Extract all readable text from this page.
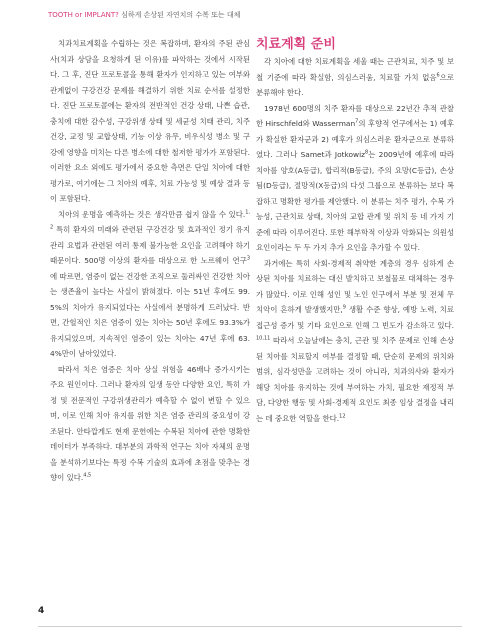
TOOTH or IMPLANT? 심하게 손상된 자연치의 수복 또는 대체

치과치료계획을 수립하는 것은 복잡하며, 환자의 주된 관심사(치과 상담을 요청하게 된 이유)를 파악하는 것에서 시작된다. 그 후, 진단 프로토콜을 통해 환자가 인지하고 있는 여부와 관계없이 구강건강 문제를 해결하기 위한 치료 순서를 설정한다. 진단 프로토콜에는 환자의 전반적인 건강 상태, 나쁜 습관, 충치에 대한 감수성, 구강위생 상태 및 세균성 치태 관리, 치주 건강, 교정 및 교합상태, 기능 이상 유무, 비우식성 병소 및 구강에 영향을 미치는 다른 병소에 대한 철저한 평가가 포함된다. 이러한 요소 외에도 평가에서 중요한 측면은 단일 치아에 대한 평가로, 여기에는 그 치아의 예후, 치료 가능성 및 예상 결과 등이 포함된다.

치아의 운명을 예측하는 것은 생각만큼 쉽지 않을 수 있다.$^{1,2}$ 특히 환자의 미래와 관련된 구강건강 및 효과적인 정기 유지관리 요법과 관련된 여러 통제 불가능한 요인을 고려해야 하기 때문이다. 500명 이상의 환자를 대상으로 한 노르웨이 연구$^3$에 따르면, 염증이 없는 건강한 조직으로 둘러싸인 건강한 치아는 생존율이 높다는 사실이 밝혀졌다. 이는 51년 후에도 99.5%의 치아가 유지되었다는 사실에서 분명하게 드러났다. 반면, 간헐적인 치은 염증이 있는 치아는 50년 후에도 93.3%가 유지되었으며, 지속적인 염증이 있는 치아는 47년 후에 63.4%만이 남아있었다.

따라서 치은 염증은 치아 상실 위험을 46배나 증가시키는 주요 원인이다. 그러나 환자의 일생 동안 다양한 요인, 특히 가정 및 전문적인 구강위생관리가 예측할 수 없이 변할 수 있으며, 이로 인해 치아 유지를 위한 치은 염증 관리의 중요성이 강조된다. 안타깝게도 현재 문헌에는 수복된 치아에 관한 명확한 데이터가 부족하다. 대부분의 과학적 연구는 치아 자체의 운명을 분석하기보다는 특정 수복 기술의 효과에 초점을 맞추는 경향이 있다.$^{4,5}$

치료계획 준비

각 치아에 대한 치료계획을 세울 때는 근관치료, 치주 및 보철 기준에 따라 확실함, 의심스러움, 치료할 가치 없음$^6$으로 분류해야 한다.

1978년 600명의 치주 환자를 대상으로 22년간 추적 관찰한 Hirschfeld와 Wasserman$^7$의 후향적 연구에서는 1) 예후가 확실한 환자군과 2) 예후가 의심스러운 환자군으로 분류하였다. 그러나 Samet과 Jotkowiz$^8$는 2009년에 예후에 따라 치아를 양호(A등급), 합리적(B등급), 주의 요망(C등급), 손상됨(D등급), 절망적(X등급)의 다섯 그룹으로 분류하는 보다 복잡하고 명확한 평가를 제안했다. 이 분류는 치주 평가, 수복 가능성, 근관치료 상태, 치아의 교합 관계 및 위치 등 네 가지 기준에 따라 이루어진다. 또한 해부학적 이상과 악화되는 의원성 요인이라는 두 두 가지 추가 요인을 추가할 수 있다.

과거에는 특히 사회-경제적 취약한 계층의 경우 심하게 손상된 치아를 치료하는 대신 발치하고 보철물로 대체하는 경우가 많았다. 이로 인해 성인 및 노인 인구에서 부분 및 전체 무치악이 흔하게 발생했지만,$^9$ 생활 수준 향상, 예방 노력, 치료 접근성 증가 및 기타 요인으로 인해 그 빈도가 감소하고 있다.$^{10,11}$ 따라서 오늘날에는 충치, 근관 및 치주 문제로 인해 손상된 치아를 치료할지 여부를 결정할 때, 단순히 문제의 위치와 범위, 심각성만을 고려하는 것이 아니라, 치과의사와 환자가 해당 치아를 유지하는 것에 부여하는 가치, 필요한 재정적 부담, 다양한 행동 및 사회-경제적 요인도 최종 임상 결정을 내리는 데 중요한 역할을 한다.$^{12}$

4
